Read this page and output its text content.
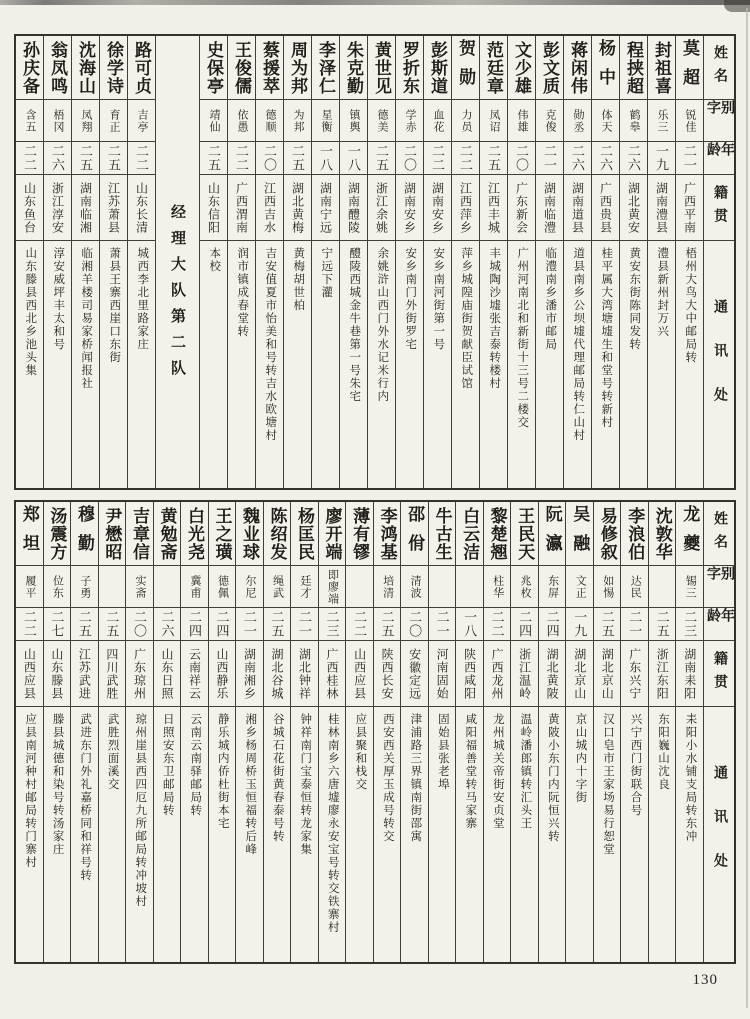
姓名
别字
年龄
籍贯
通讯处
莫超
锐佳
二一
广西平南
梧州大鸟大中邮局转
封祖喜
乐三
一九
湖南澧县
澧县新州封万兴
程挟超
鹤皋
二六
湖北黄安
黄安东街陈同发转
杨中
体天
二六
广西贵县
桂平属大湾塘墟生和堂号转新村
蒋闲伟
勋丞
二六
湖南道县
道县南乡公坝墟代理邮局转仁山村
彭文质
克俊
二一
湖南临澧
临澧南乡潘市邮局
文少雄
伟雄
二〇
广东新会
广州河南北和新街十三号二楼交
范廷章
凤诏
二五
江西丰城
丰城陶沙墟张吉泰转楼村
贺勋
力员
二二
江西萍乡
萍乡城隍庙街贺献臣试馆
彭斯道
血花
二二
湖南安乡
安乡南河街第一号
罗折东
学赤
二〇
湖南安乡
安乡南门外街罗宅
黄世见
德美
二五
浙江余姚
余姚浒山西门外水记米行内
朱克勤
镇舆
一八
湖南醴陵
醴陵西城金牛巷第一号朱宅
李泽仁
星衡
一八
湖南宁远
宁远下灌
周为邦
为邦
二五
湖北黄梅
黄梅胡世柏
蔡援萃
德顺
二〇
江西吉水
吉安值夏市怡美和号转吉水欧塘村
王俊儒
依愚
二二
广西渭南
润市镇成春堂转
史保亭
靖仙
二五
山东信阳
本校
经理大队第二队
路可贞
吉亭
二二
山东长清
城西李北里路家庄
徐学诗
育正
二五
江苏萧县
萧县王寨西崖口东街
沈海山
凤翔
二五
湖南临湘
临湘羊楼司易家桥闻报社
翁凤鸣
梧冈
二六
浙江淳安
淳安威坪丰太和号
孙庆备
含五
二二
山东鱼台
山东滕县西北乡池头集
姓名
别字
年龄
籍贯
通讯处
龙夔
锡三
二三
湖南耒阳
耒阳小水铺支局转东冲
沈敦华
二五
浙江东阳
东阳巍山沈良
李浪伯
达民
二一
广东兴宁
兴宁西门街联合号
易修叙
如惕
二五
湖北京山
汉口皂市王家场易行恕堂
吴融
文正
一九
湖北京山
京山城内十字街
阮瀛
东屏
二四
湖北黄陂
黄陂小东门内阮恒兴转
王民天
兆枚
二四
浙江温岭
温岭潘郎镇转汇头王
黎楚翘
柱华
二二
广西龙州
龙州城关帝街安贞堂
白云洁
一八
陕西咸阳
咸阳福善堂转马家寨
牛古生
二一
河南固始
固始县张老埠
邵佾
清波
二〇
安徽定远
津浦路三界镇南街邵寓
李鸿基
培清
二五
陕西长安
西安西关厚玉成号转交
薄有镠
二二
山西应县
应县聚和栈交
廖开端
即廖端
二三
广西桂林
桂林南乡六唐墟廖永安宝号转交铁寨村
杨匡民
廷才
二一
湖北钟祥
钟祥南门宝泰恒转龙家集
陈绍发
绳武
二五
湖北谷城
谷城石花街黄春泰号转
魏业球
尔尼
二一
湖南湘乡
湘乡杨周桥玉恒福转后峰
王之璜
德佩
二四
山西静乐
静乐城内侨杜街本宅
白光尧
冀甫
二四
云南祥云
云南云南驿邮局转
黄勉斋
二六
山东日照
日照安东卫邮局转
吉章信
实斋
二〇
广东琼州
琼州崖县西四厄九所邮局转冲坡村
尹懋昭
二五
四川武胜
武胜烈面溪交
穆勤
子勇
二五
江苏武进
武进东门外礼嘉桥同和祥号转
汤震方
位东
二七
山东滕县
滕县城德和染号转汤家庄
郑坦
履平
二二
山西应县
应县南河种村邮局转门寨村
130
